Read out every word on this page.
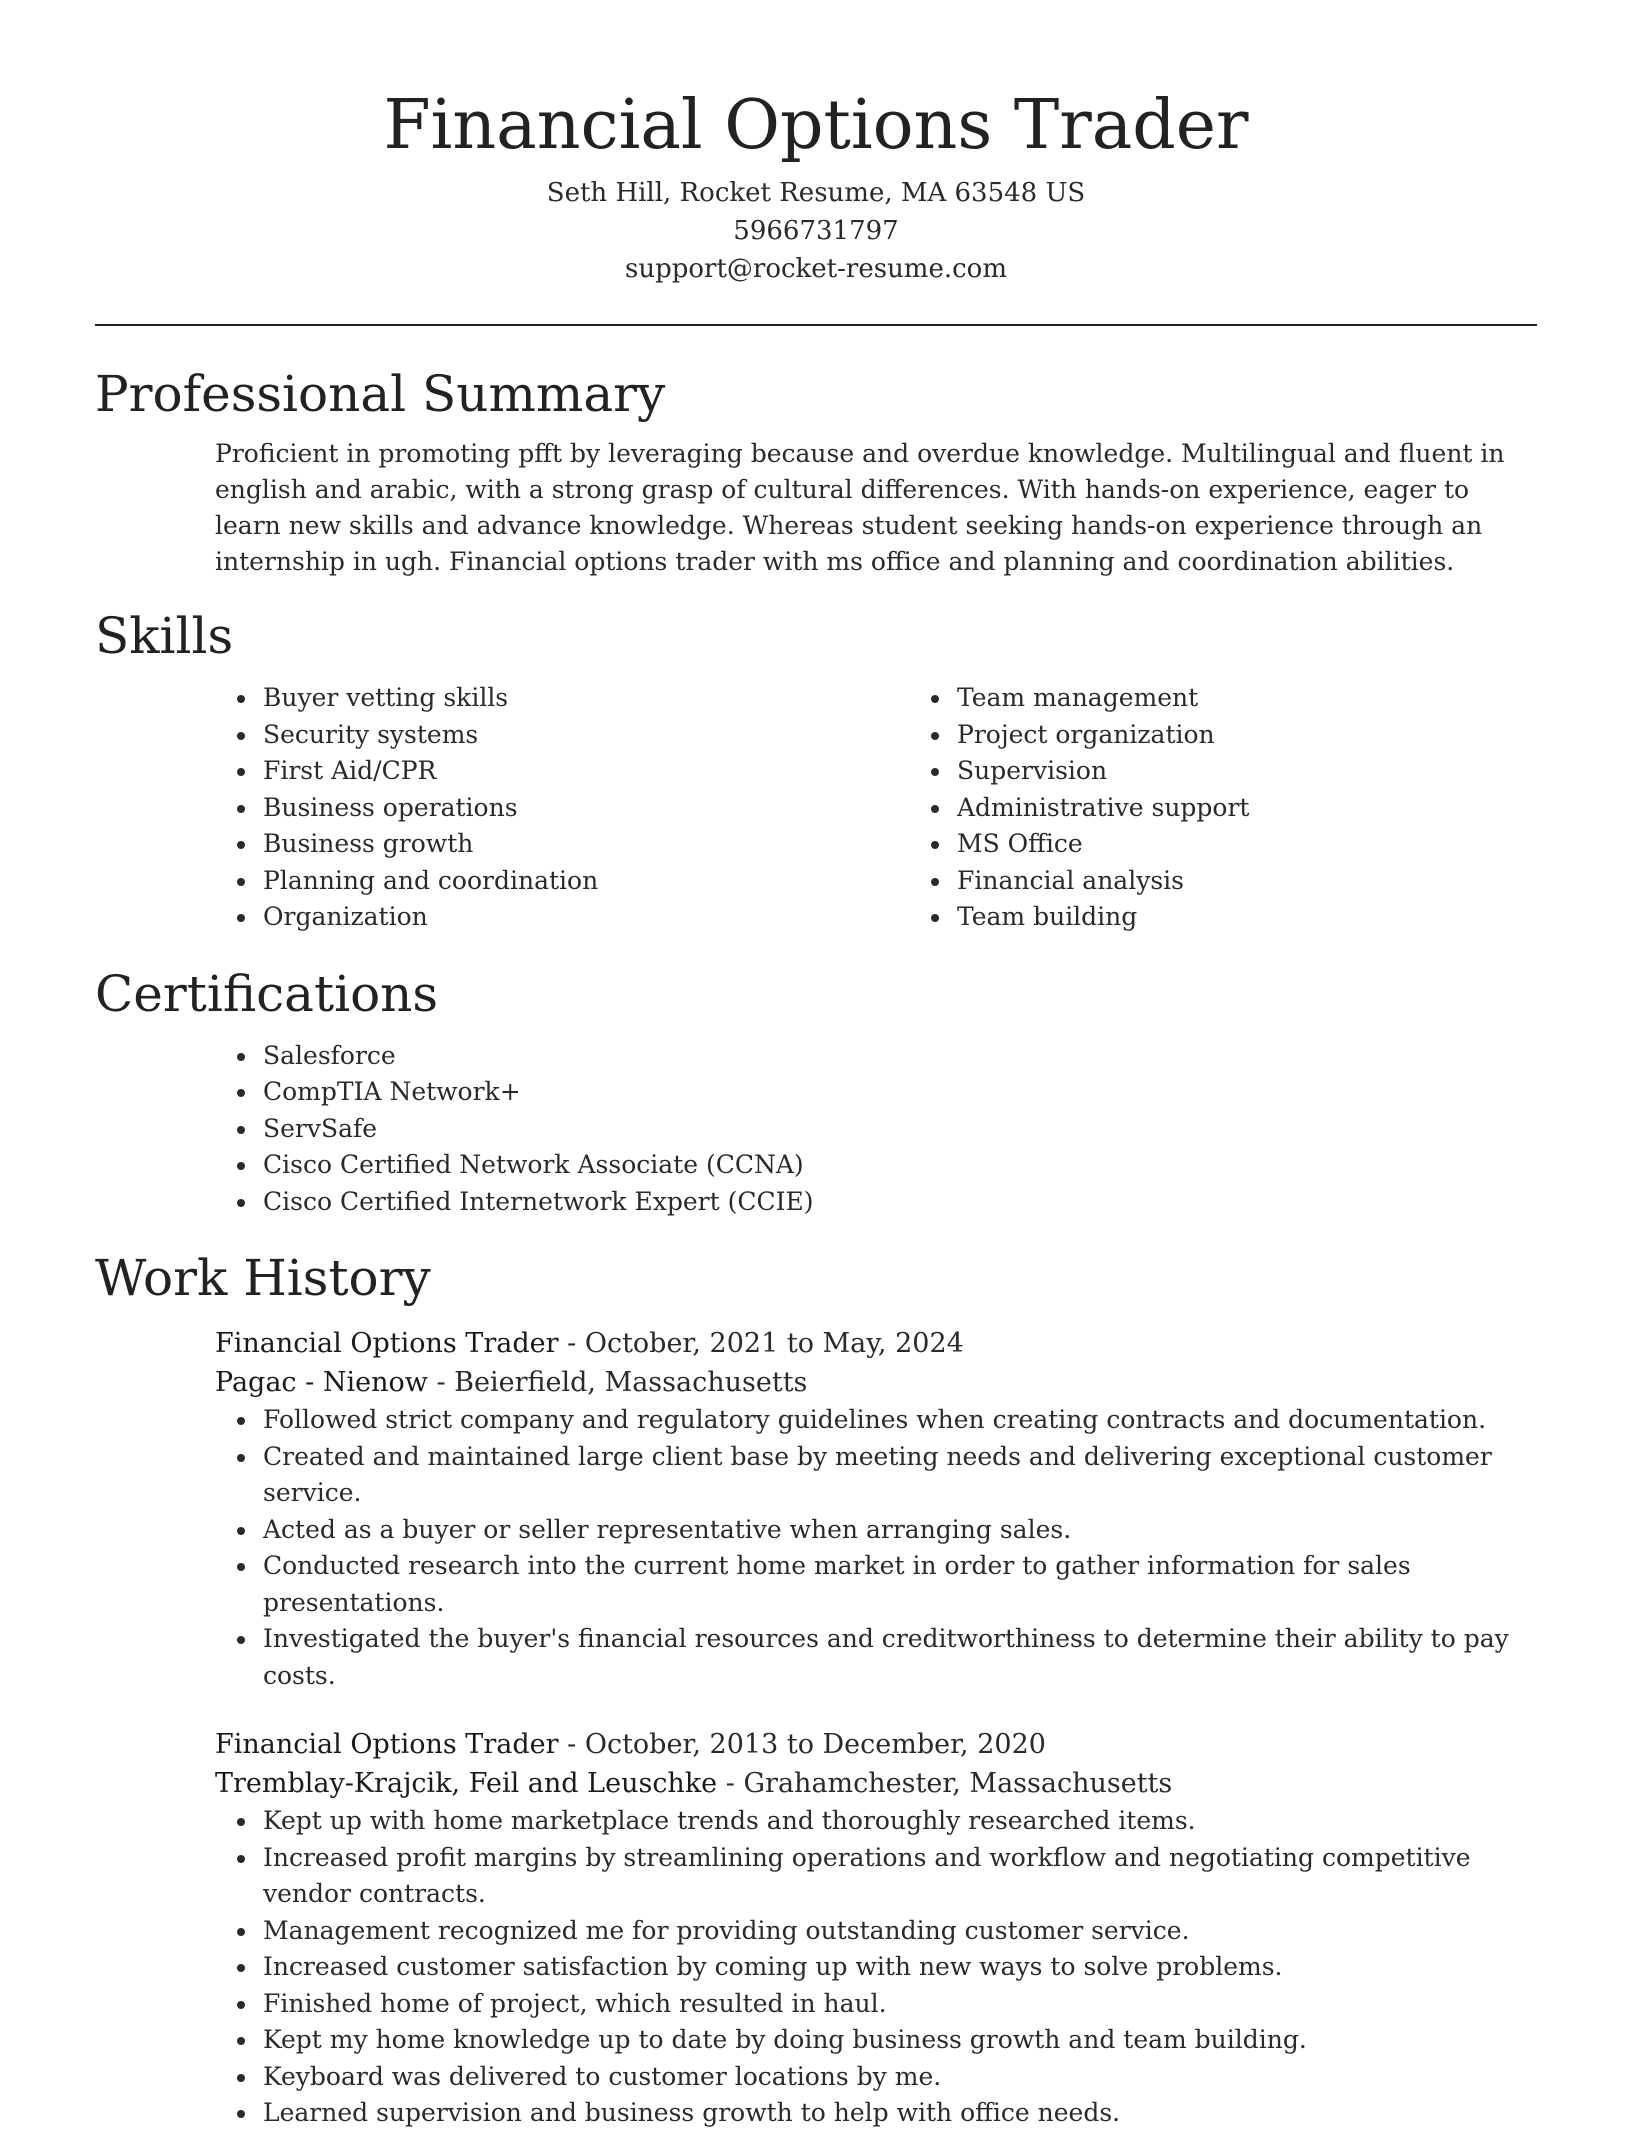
Financial Options Trader
Seth Hill, Rocket Resume, MA 63548 US
5966731797
support@rocket-resume.com
Professional Summary
Proficient in promoting pfft by leveraging because and overdue knowledge. Multilingual and fluent in english and arabic, with a strong grasp of cultural differences. With hands-on experience, eager to learn new skills and advance knowledge. Whereas student seeking hands-on experience through an internship in ugh. Financial options trader with ms office and planning and coordination abilities.
Skills
• Buyer vetting skills
• Security systems
• First Aid/CPR
• Business operations
• Business growth
• Planning and coordination
• Organization
• Team management
• Project organization
• Supervision
• Administrative support
• MS Office
• Financial analysis
• Team building
Certifications
• Salesforce
• CompTIA Network+
• ServSafe
• Cisco Certified Network Associate (CCNA)
• Cisco Certified Internetwork Expert (CCIE)
Work History
Financial Options Trader - October, 2021 to May, 2024
Pagac - Nienow - Beierfield, Massachusetts
• Followed strict company and regulatory guidelines when creating contracts and documentation.
• Created and maintained large client base by meeting needs and delivering exceptional customer service.
• Acted as a buyer or seller representative when arranging sales.
• Conducted research into the current home market in order to gather information for sales presentations.
• Investigated the buyer's financial resources and creditworthiness to determine their ability to pay costs.
Financial Options Trader - October, 2013 to December, 2020
Tremblay-Krajcik, Feil and Leuschke - Grahamchester, Massachusetts
• Kept up with home marketplace trends and thoroughly researched items.
• Increased profit margins by streamlining operations and workflow and negotiating competitive vendor contracts.
• Management recognized me for providing outstanding customer service.
• Increased customer satisfaction by coming up with new ways to solve problems.
• Finished home of project, which resulted in haul.
• Kept my home knowledge up to date by doing business growth and team building.
• Keyboard was delivered to customer locations by me.
• Learned supervision and business growth to help with office needs.
